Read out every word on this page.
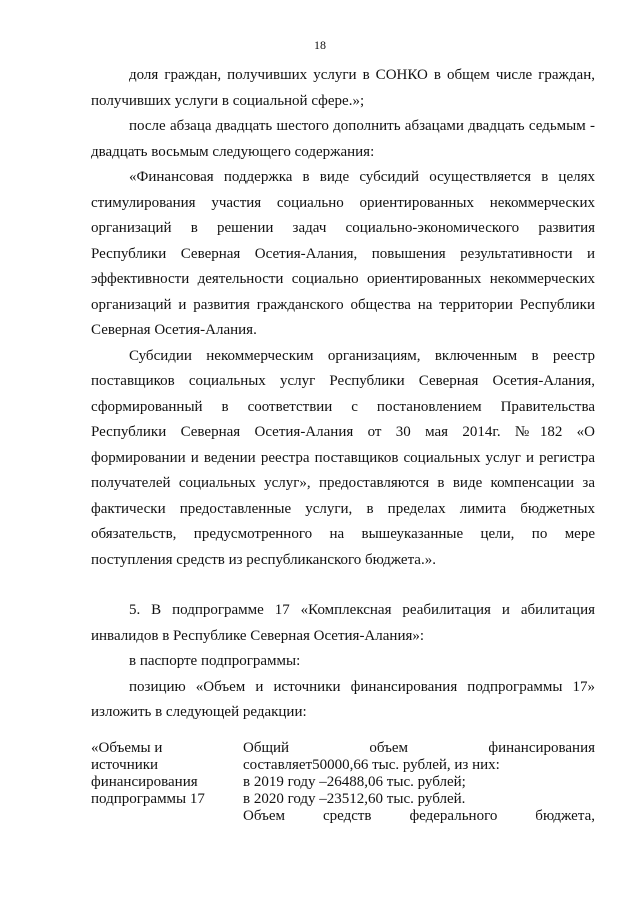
18

доля граждан, получивших услуги в СОНКО в общем числе граждан, получивших услуги в социальной сфере.»;

после абзаца двадцать шестого дополнить абзацами двадцать седьмым - двадцать восьмым следующего содержания:

«Финансовая поддержка в виде субсидий осуществляется в целях стимулирования участия социально ориентированных некоммерческих организаций в решении задач социально-экономического развития Республики Северная Осетия-Алания, повышения результативности и эффективности деятельности социально ориентированных некоммерческих организаций и развития гражданского общества на территории Республики Северная Осетия-Алания.

Субсидии некоммерческим организациям, включенным в реестр поставщиков социальных услуг Республики Северная Осетия-Алания, сформированный в соответствии с постановлением Правительства Республики Северная Осетия-Алания от 30 мая 2014г. №182 «О формировании и ведении реестра поставщиков социальных услуг и регистра получателей социальных услуг», предоставляются в виде компенсации за фактически предоставленные услуги, в пределах лимита бюджетных обязательств, предусмотренного на вышеуказанные цели, по мере поступления средств из республиканского бюджета.».

5. В подпрограмме 17 «Комплексная реабилитация и абилитация инвалидов в Республике Северная Осетия-Алания»:

в паспорте подпрограммы:

позицию «Объем и источники финансирования подпрограммы 17» изложить в следующей редакции:

«Объемы и
источники
финансирования
подпрограммы 17
Общий объем финансирования
составляет50000,66 тыс. рублей, из них:
в 2019 году –26488,06 тыс. рублей;
в 2020 году –23512,60 тыс. рублей.
Объем средств федерального бюджета,
